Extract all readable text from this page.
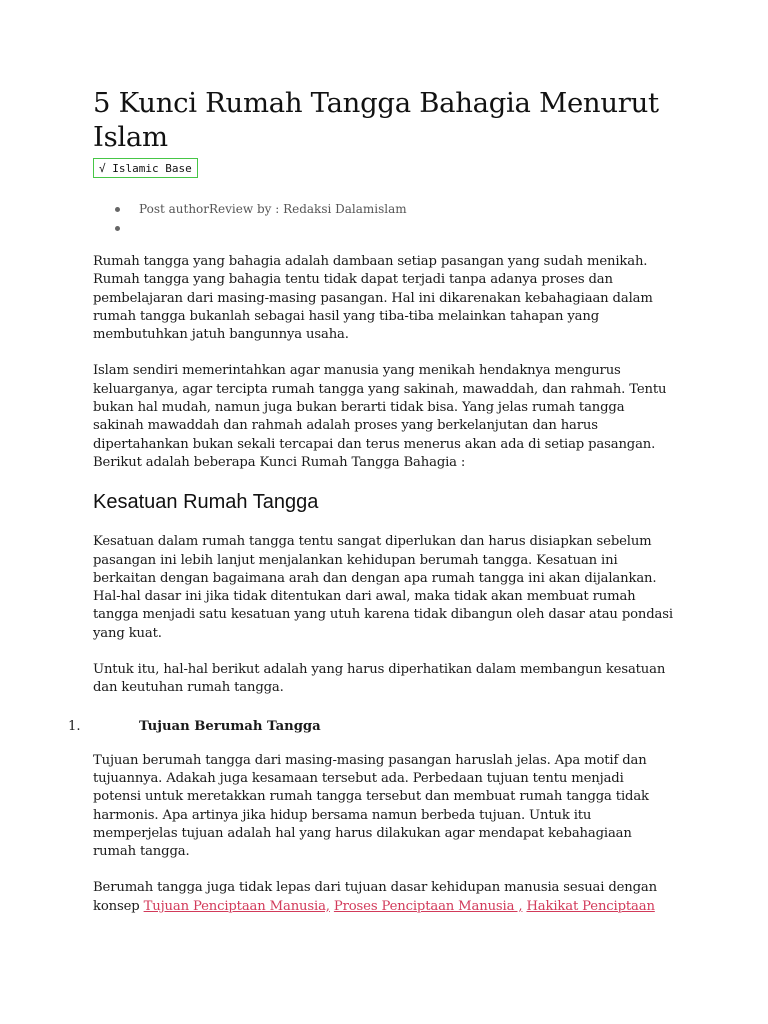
5 Kunci Rumah Tangga Bahagia Menurut
Islam
√ Islamic Base
Post authorReview by : Redaksi Dalamislam

Rumah tangga yang bahagia adalah dambaan setiap pasangan yang sudah menikah.
Rumah tangga yang bahagia tentu tidak dapat terjadi tanpa adanya proses dan
pembelajaran dari masing-masing pasangan. Hal ini dikarenakan kebahagiaan dalam
rumah tangga bukanlah sebagai hasil yang tiba-tiba melainkan tahapan yang
membutuhkan jatuh bangunnya usaha.

Islam sendiri memerintahkan agar manusia yang menikah hendaknya mengurus
keluarganya, agar tercipta rumah tangga yang sakinah, mawaddah, dan rahmah. Tentu
bukan hal mudah, namun juga bukan berarti tidak bisa. Yang jelas rumah tangga
sakinah mawaddah dan rahmah adalah proses yang berkelanjutan dan harus
dipertahankan bukan sekali tercapai dan terus menerus akan ada di setiap pasangan.
Berikut adalah beberapa Kunci Rumah Tangga Bahagia :

Kesatuan Rumah Tangga

Kesatuan dalam rumah tangga tentu sangat diperlukan dan harus disiapkan sebelum
pasangan ini lebih lanjut menjalankan kehidupan berumah tangga. Kesatuan ini
berkaitan dengan bagaimana arah dan dengan apa rumah tangga ini akan dijalankan.
Hal-hal dasar ini jika tidak ditentukan dari awal, maka tidak akan membuat rumah
tangga menjadi satu kesatuan yang utuh karena tidak dibangun oleh dasar atau pondasi
yang kuat.

Untuk itu, hal-hal berikut adalah yang harus diperhatikan dalam membangun kesatuan
dan keutuhan rumah tangga.

1.	Tujuan Berumah Tangga

Tujuan berumah tangga dari masing-masing pasangan haruslah jelas. Apa motif dan
tujuannya. Adakah juga kesamaan tersebut ada. Perbedaan tujuan tentu menjadi
potensi untuk meretakkan rumah tangga tersebut dan membuat rumah tangga tidak
harmonis. Apa artinya jika hidup bersama namun berbeda tujuan. Untuk itu
memperjelas tujuan adalah hal yang harus dilakukan agar mendapat kebahagiaan
rumah tangga.

Berumah tangga juga tidak lepas dari tujuan dasar kehidupan manusia sesuai dengan
konsep Tujuan Penciptaan Manusia, Proses Penciptaan Manusia , Hakikat Penciptaan
